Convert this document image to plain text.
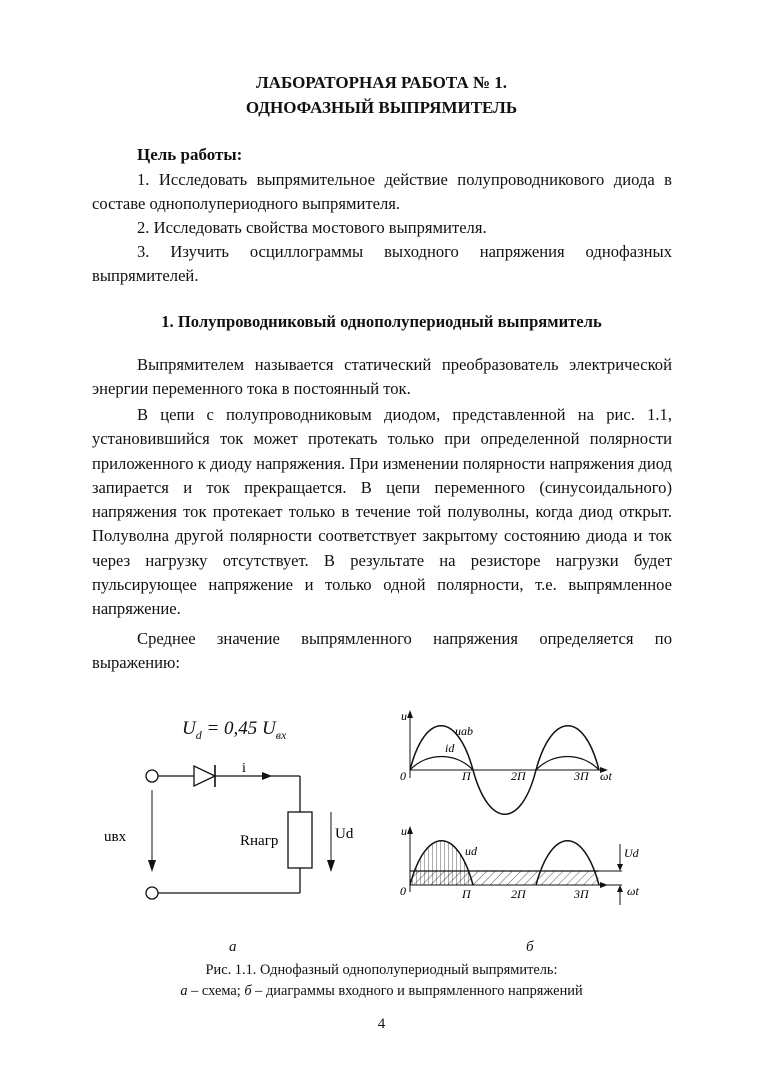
ЛАБОРАТОРНАЯ РАБОТА № 1.
ОДНОФАЗНЫЙ ВЫПРЯМИТЕЛЬ
Цель работы:
1. Исследовать выпрямительное действие полупроводникового диода в составе однополупериодного выпрямителя.
2. Исследовать свойства мостового выпрямителя.
3. Изучить осциллограммы выходного напряжения однофазных выпрямителей.
1. Полупроводниковый однополупериодный выпрямитель
Выпрямителем называется статический преобразователь электрической энергии переменного тока в постоянный ток.
В цепи с полупроводниковым диодом, представленной на рис. 1.1, установившийся ток может протекать только при определенной полярности приложенного к диоду напряжения. При изменении полярности напряжения диод запирается и ток прекращается. В цепи переменного (синусоидального) напряжения ток протекает только в течение той полуволны, когда диод открыт. Полуволна другой полярности соответствует закрытому состоянию диода и ток через нагрузку отсутствует. В результате на резисторе нагрузки будет пульсирующее напряжение и только одной полярности, т.е. выпрямленное напряжение.
Среднее значение выпрямленного напряжения определяется по выражению:
$U_d = 0,45$ $U_{вх}$
i
uвх	Rнагр	Ud
u
uab
id
0	П	2П	3П ωt
u
ud	Ud
0	П	2П	3П	ωt
а	б
Рис. 1.1. Однофазный однополупериодный выпрямитель:
а – схема; б – диаграммы входного и выпрямленного напряжений
4
